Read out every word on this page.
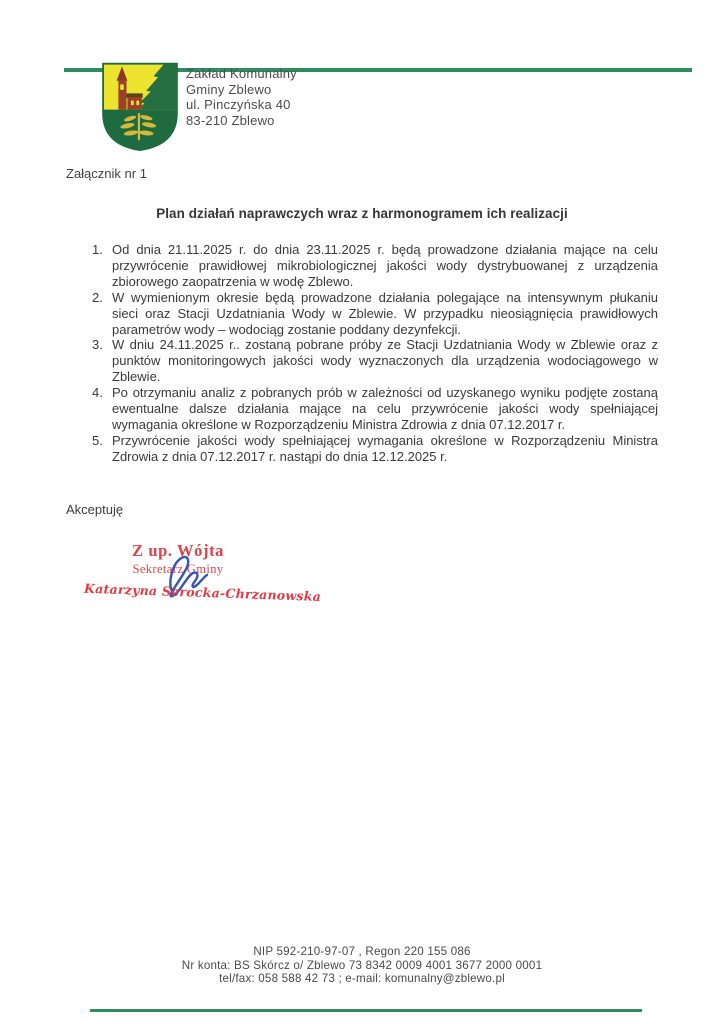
Zakład Komunalny
Gminy Zblewo
ul. Pinczyńska 40
83-210 Zblewo
Załącznik nr 1
Plan działań naprawczych wraz z harmonogramem ich realizacji
1. Od dnia 21.11.2025 r. do dnia 23.11.2025 r. będą prowadzone działania mające na celu przywrócenie prawidłowej mikrobiologicznej jakości wody dystrybuowanej z urządzenia zbiorowego zaopatrzenia w wodę Zblewo.
2. W wymienionym okresie będą prowadzone działania polegające na intensywnym płukaniu sieci oraz Stacji Uzdatniania Wody w Zblewie. W przypadku nieosiągnięcia prawidłowych parametrów wody – wodociąg zostanie poddany dezynfekcji.
3. W dniu 24.11.2025 r.. zostaną pobrane próby ze Stacji Uzdatniania Wody w Zblewie oraz z punktów monitoringowych jakości wody wyznaczonych dla urządzenia wodociągowego w Zblewie.
4. Po otrzymaniu analiz z pobranych prób w zależności od uzyskanego wyniku podjęte zostaną ewentualne dalsze działania mające na celu przywrócenie jakości wody spełniającej wymagania określone w Rozporządzeniu Ministra Zdrowia z dnia 07.12.2017 r.
5. Przywrócenie jakości wody spełniającej wymagania określone w Rozporządzeniu Ministra Zdrowia z dnia 07.12.2017 r. nastąpi do dnia 12.12.2025 r.
Akceptuję
Z up. Wójta
Sekretarz Gminy
Katarzyna Serocka-Chrzanowska
NIP 592-210-97-07 , Regon 220 155 086
Nr konta: BS Skórcz o/ Zblewo 73 8342 0009 4001 3677 2000 0001
tel/fax: 058 588 42 73 ; e-mail: komunalny@zblewo.pl
